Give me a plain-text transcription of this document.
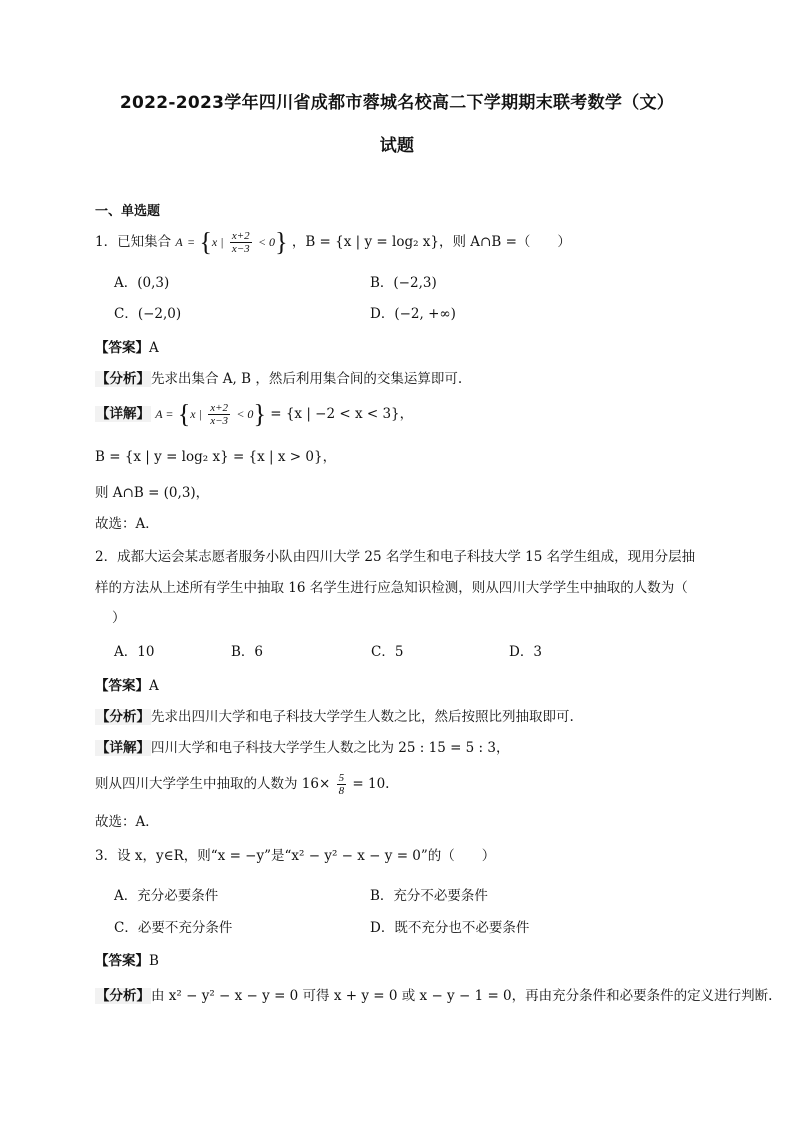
2022-2023学年四川省成都市蓉城名校高二下学期期末联考数学（文）
试题
一、单选题
1．已知集合 A = {x | $\frac{x+2}{x-3} < 0$} ，B = {x | y = log₂ x}，则 A∩B =（　　）
A．(0,3)	B．(−2,3)
C．(−2,0)	D．(−2, +∞)
【答案】A
【分析】先求出集合 A, B ，然后利用集合间的交集运算即可.
【详解】 A = {x | $\frac{x+2}{x-3} < 0\} = \{x$ | −2 < x < 3}，
B = {x | y = log₂ x} = {x | x > 0}，
则 A∩B = (0,3)，
故选：A．
2．成都大运会某志愿者服务小队由四川大学 25 名学生和电子科技大学 15 名学生组成，现用分层抽
样的方法从上述所有学生中抽取 16 名学生进行应急知识检测，则从四川大学学生中抽取的人数为（
）
A．10	B．6	C．5	D．3
【答案】A
【分析】先求出四川大学和电子科技大学学生人数之比，然后按照比列抽取即可.
【详解】四川大学和电子科技大学学生人数之比为 25 : 15 = 5 : 3，
则从四川大学学生中抽取的人数为 $16\times \frac{5}{8} = 10$.
故选：A．
3．设 x，y∈R，则“x = −y”是“x² − y² − x − y = 0”的（　　）
A．充分必要条件	B．充分不必要条件
C．必要不充分条件	D．既不充分也不必要条件
【答案】B
【分析】由 x² − y² − x − y = 0 可得 x + y = 0 或 x − y − 1 = 0，再由充分条件和必要条件的定义进行判断.
